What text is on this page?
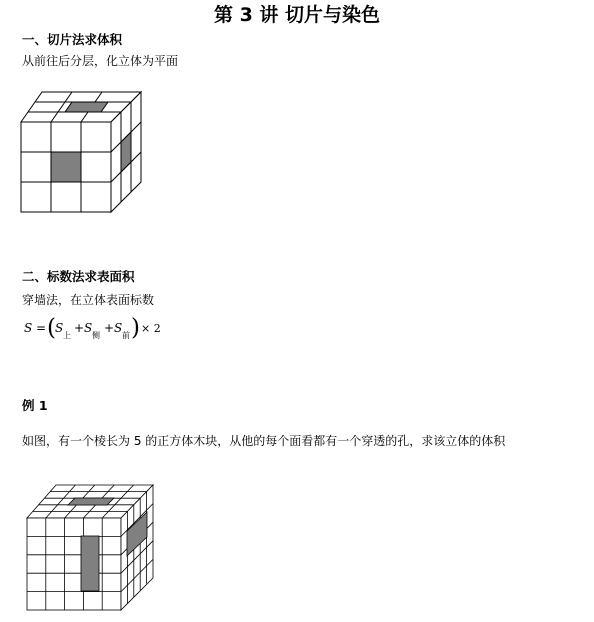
第 3 讲 切片与染色
一、切片法求体积
从前往后分层，化立体为平面
二、标数法求表面积
穿墙法，在立体表面标数
S = ( S
上
+ S
侧
+ S
前 ) × 2
例 1
如图，有一个棱长为 5 的正方体木块，从他的每个面看都有一个穿透的孔，求该立体的体积
